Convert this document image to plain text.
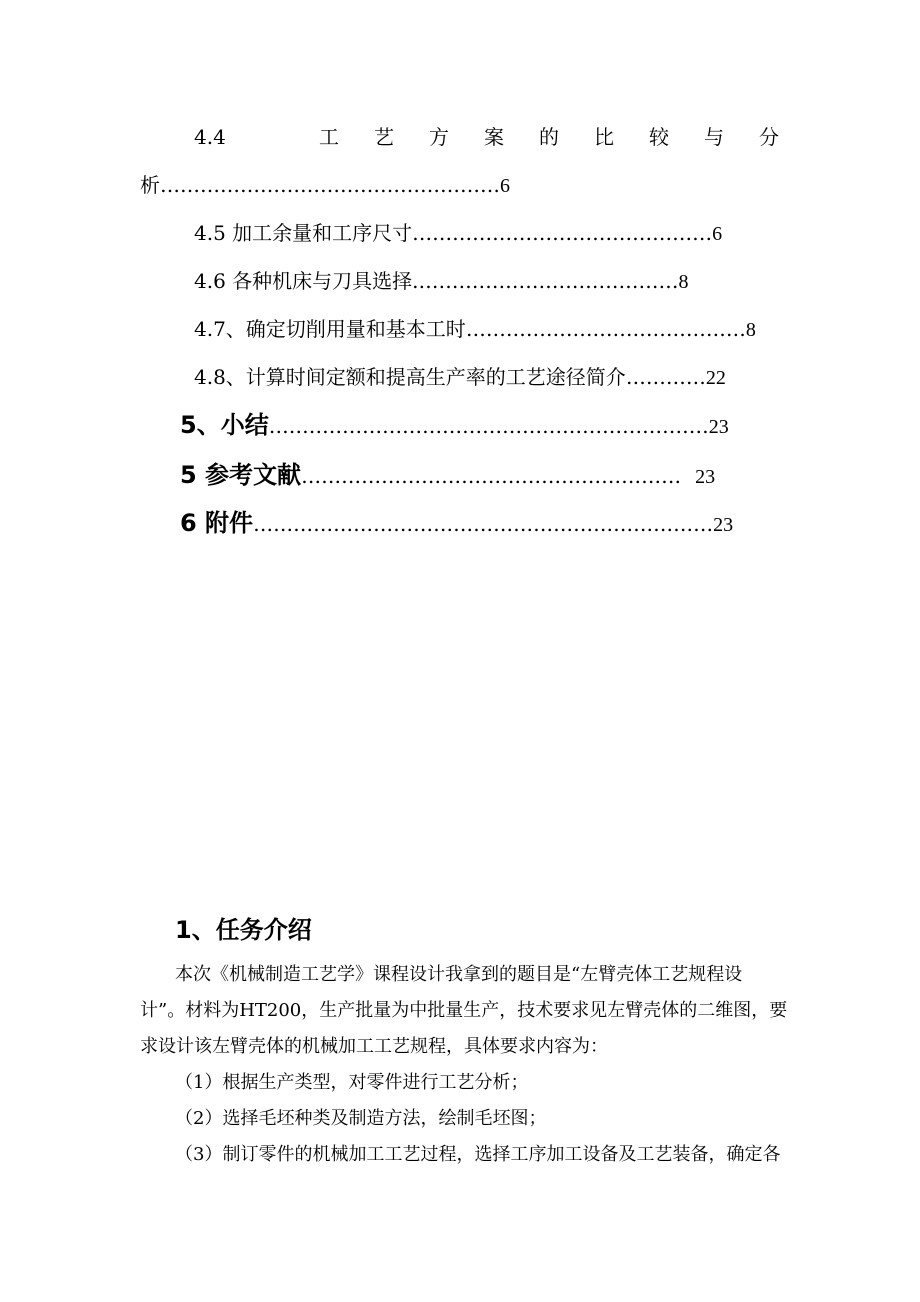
4.4	工 艺 方 案 的 比 较 与 分
析……………………………………………6
4.5 加工余量和工序尺寸………………………………………6
4.6 各种机床与刀具选择.…………………………………8
4.7、确定切削用量和基本工时……………………………………8
4.8、计算时间定额和提高生产率的工艺途径简介…………22
5、小结…………………………………………………………23
5 参考文献………………………………………………… 23
6 附件……………………………………………………………23
1、任务介绍
本次《机械制造工艺学》课程设计我拿到的题目是“左臂壳体工艺规程设
计”。材料为HT200，生产批量为中批量生产，技术要求见左臂壳体的二维图，要
求设计该左臂壳体的机械加工工艺规程，具体要求内容为：
（1）根据生产类型，对零件进行工艺分析；
（2）选择毛坯种类及制造方法，绘制毛坯图；
（3）制订零件的机械加工工艺过程，选择工序加工设备及工艺装备，确定各
